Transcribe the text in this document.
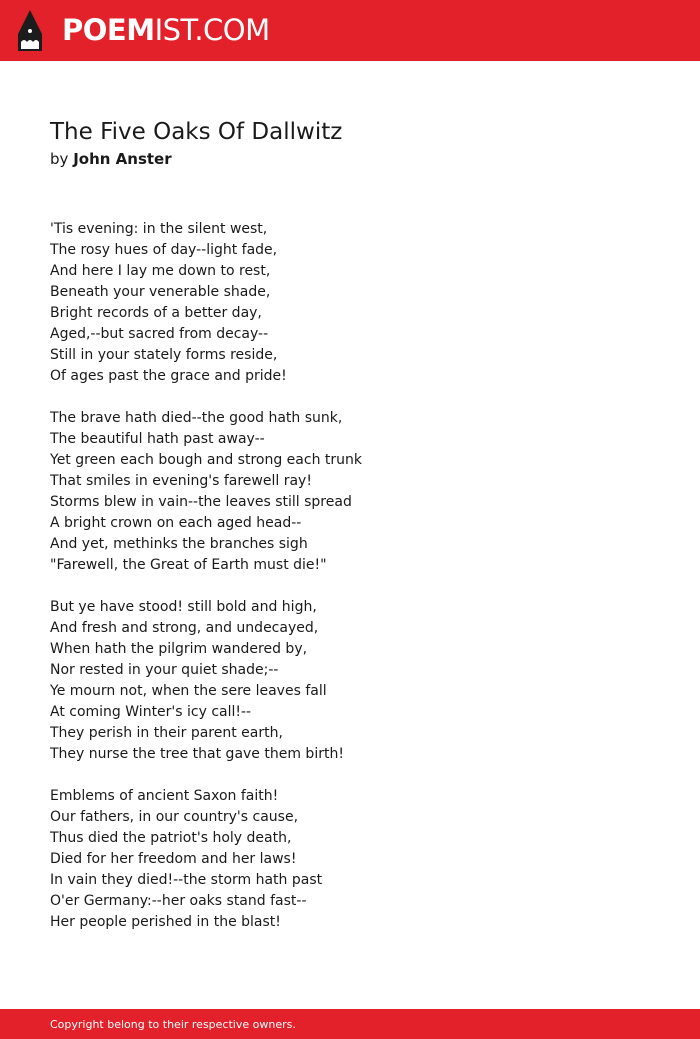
POEMIST.COM
The Five Oaks Of Dallwitz
by John Anster
'Tis evening: in the silent west,
The rosy hues of day--light fade,
And here I lay me down to rest,
Beneath your venerable shade,
Bright records of a better day,
Aged,--but sacred from decay--
Still in your stately forms reside,
Of ages past the grace and pride!
The brave hath died--the good hath sunk,
The beautiful hath past away--
Yet green each bough and strong each trunk
That smiles in evening's farewell ray!
Storms blew in vain--the leaves still spread
A bright crown on each aged head--
And yet, methinks the branches sigh
"Farewell, the Great of Earth must die!"
But ye have stood! still bold and high,
And fresh and strong, and undecayed,
When hath the pilgrim wandered by,
Nor rested in your quiet shade;--
Ye mourn not, when the sere leaves fall
At coming Winter's icy call!--
They perish in their parent earth,
They nurse the tree that gave them birth!
Emblems of ancient Saxon faith!
Our fathers, in our country's cause,
Thus died the patriot's holy death,
Died for her freedom and her laws!
In vain they died!--the storm hath past
O'er Germany:--her oaks stand fast--
Her people perished in the blast!
Copyright belong to their respective owners.
